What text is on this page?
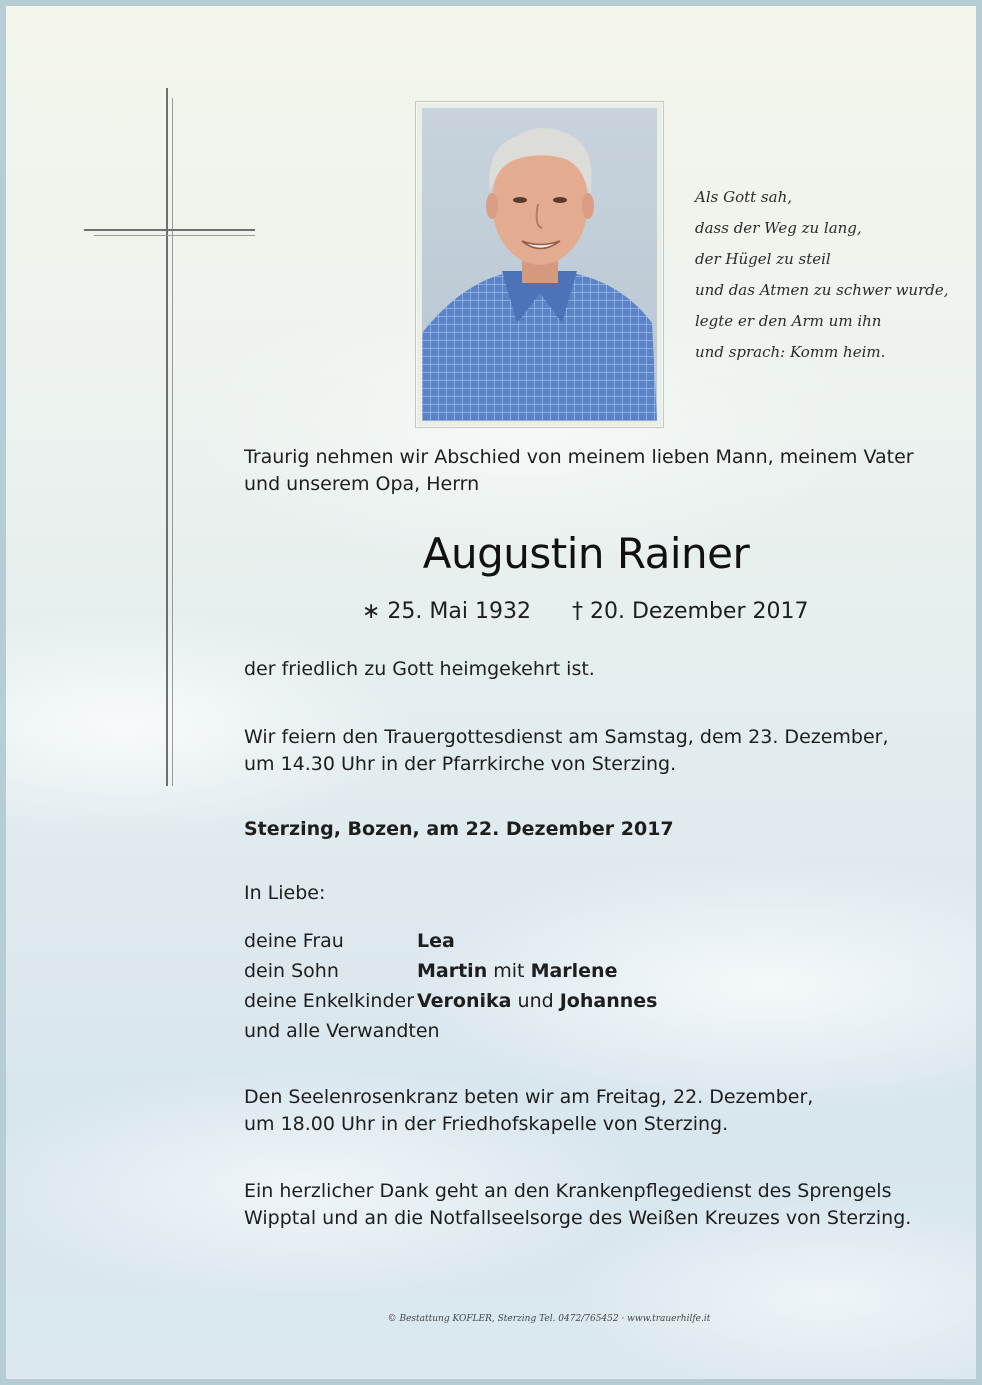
Als Gott sah,
dass der Weg zu lang,
der Hügel zu steil
und das Atmen zu schwer wurde,
legte er den Arm um ihn
und sprach: Komm heim.
Traurig nehmen wir Abschied von meinem lieben Mann, meinem Vater
und unserem Opa, Herrn
Augustin Rainer
∗ 25. Mai 1932 † 20. Dezember 2017
der friedlich zu Gott heimgekehrt ist.
Wir feiern den Trauergottesdienst am Samstag, dem 23. Dezember,
um 14.30 Uhr in der Pfarrkirche von Sterzing.
Sterzing, Bozen, am 22. Dezember 2017
In Liebe:
deine Frau	Lea
dein Sohn	Martin mit Marlene
deine Enkelkinder Veronika und Johannes
und alle Verwandten
Den Seelenrosenkranz beten wir am Freitag, 22. Dezember,
um 18.00 Uhr in der Friedhofskapelle von Sterzing.
Ein herzlicher Dank geht an den Krankenpflegedienst des Sprengels
Wipptal und an die Notfallseelsorge des Weißen Kreuzes von Sterzing.
© Bestattung KOFLER, Sterzing Tel. 0472/765452 · www.trauerhilfe.it
